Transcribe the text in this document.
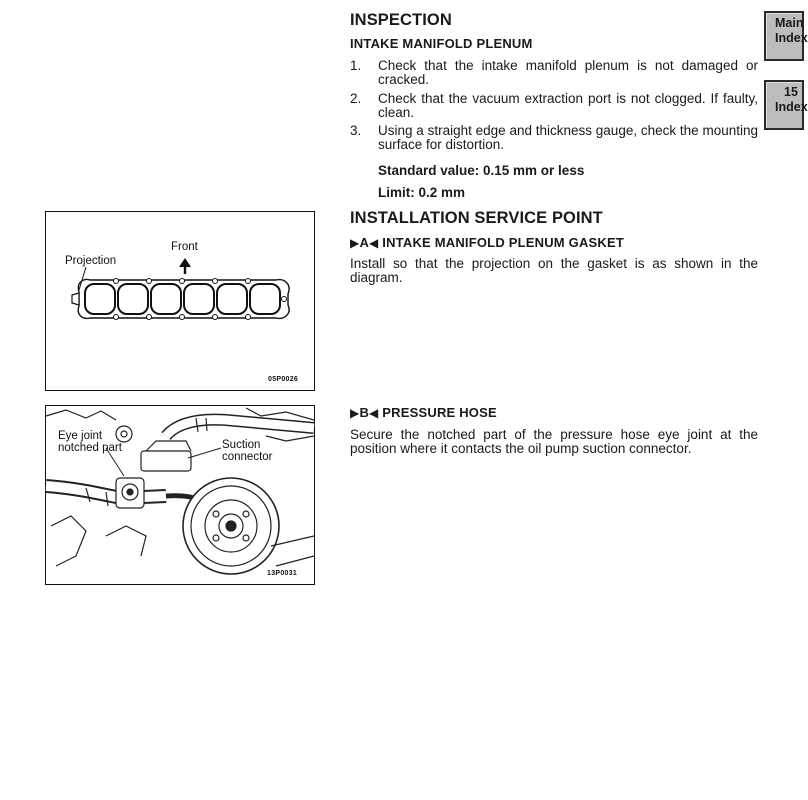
INSPECTION
INTAKE MANIFOLD PLENUM
1. Check that the intake manifold plenum is not damaged or cracked.
2. Check that the vacuum extraction port is not clogged. If faulty, clean.
3. Using a straight edge and thickness gauge, check the mounting surface for distortion.
Standard value: 0.15 mm or less
Limit: 0.2 mm
INSTALLATION SERVICE POINT
▶A◀ INTAKE MANIFOLD PLENUM GASKET
Install so that the projection on the gasket is as shown in the diagram.
▶B◀ PRESSURE HOSE
Secure the notched part of the pressure hose eye joint at the position where it contacts the oil pump suction connector.
Projection
Front
05P0026
Eye joint
notched part	Suction
connector
13P0031
Main
Index
15
Index
